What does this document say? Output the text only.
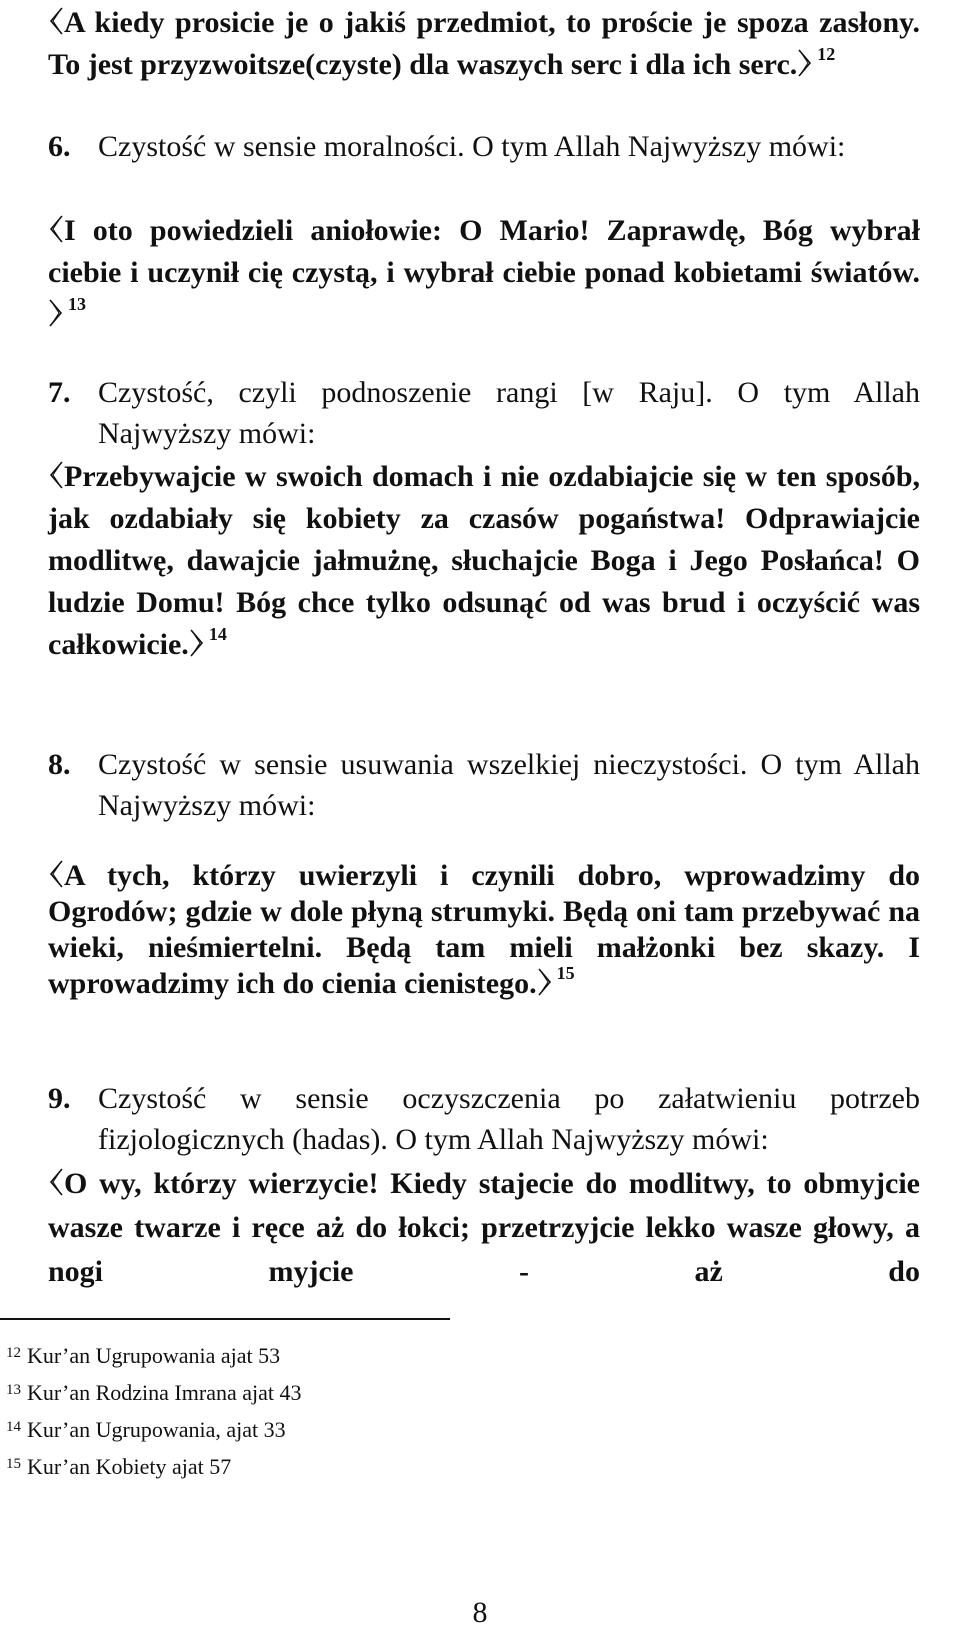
A kiedy prosicie je o jakiś przedmiot, to proście je spoza zasłony. To jest przyzwoitsze(czyste) dla waszych serc i dla ich serc. $^{12}$
6. Czystość w sensie moralności. O tym Allah Najwyższy mówi:
I oto powiedzieli aniołowie: O Mario! Zaprawdę, Bóg wybrał ciebie i uczynił cię czystą, i wybrał ciebie ponad kobietami światów.
$^{13}$
7. Czystość, czyli podnoszenie rangi [w Raju]. O tym Allah Najwyższy mówi:
Przebywajcie w swoich domach i nie ozdabiajcie się w ten sposób, jak ozdabiały się kobiety za czasów pogaństwa! Odprawiajcie modlitwę, dawajcie jałmużnę, słuchajcie Boga i Jego Posłańca! O ludzie Domu! Bóg chce tylko odsunąć od was brud i oczyścić was całkowicie. $^{14}$
8. Czystość w sensie usuwania wszelkiej nieczystości. O tym Allah Najwyższy mówi:
A tych, którzy uwierzyli i czynili dobro, wprowadzimy do Ogrodów; gdzie w dole płyną strumyki. Będą oni tam przebywać na wieki, nieśmiertelni. Będą tam mieli małżonki bez skazy. I wprowadzimy ich do cienia cienistego. $^{15}$
9. Czystość w sensie oczyszczenia po załatwieniu potrzeb fizjologicznych (hadas). O tym Allah Najwyższy mówi:
O wy, którzy wierzycie! Kiedy stajecie do modlitwy, to obmyjcie wasze twarze i ręce aż do łokci; przetrzyjcie lekko wasze głowy, a nogi myjcie - aż do
$^{12}$ Kur’an Ugrupowania ajat 53
$^{13}$ Kur’an Rodzina Imrana ajat 43
$^{14}$ Kur’an Ugrupowania, ajat 33
$^{15}$ Kur’an Kobiety ajat 57
8
